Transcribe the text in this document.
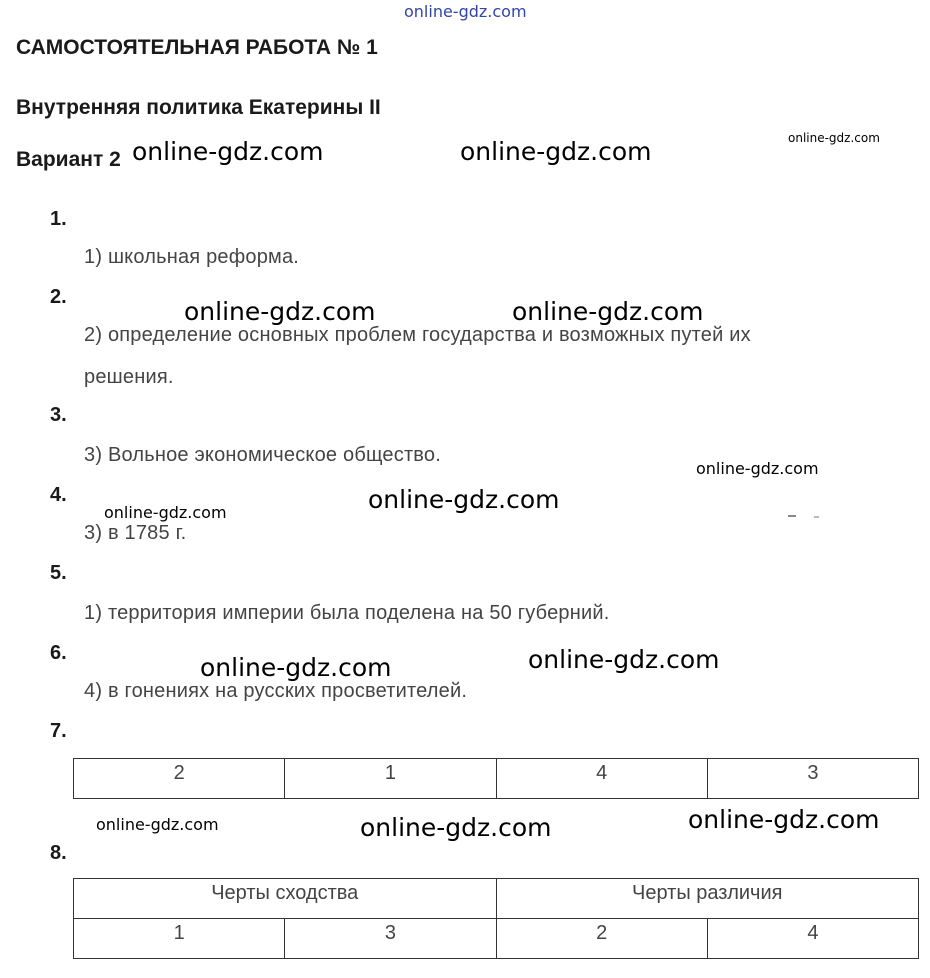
online-gdz.com
САМОСТОЯТЕЛЬНАЯ РАБОТА № 1
Внутренняя политика Екатерины II
Вариант 2
1.
1) школьная реформа.
2.
2) определение основных проблем государства и возможных путей их
решения.
3.
3) Вольное экономическое общество.
4.
3) в 1785 г.
5.
1) территория империи была поделена на 50 губерний.
6.
4) в гонениях на русских просветителей.
7.
2	1	4	3
8.
Черты сходства		Черты различия	
1	3	2	4
online-gdz.com
online-gdz.com	online-gdz.com
online-gdz.com	online-gdz.com
online-gdz.com
online-gdz.com
online-gdz.com
online-gdz.com	online-gdz.com
online-gdz.com	online-gdz.com	online-gdz.com
